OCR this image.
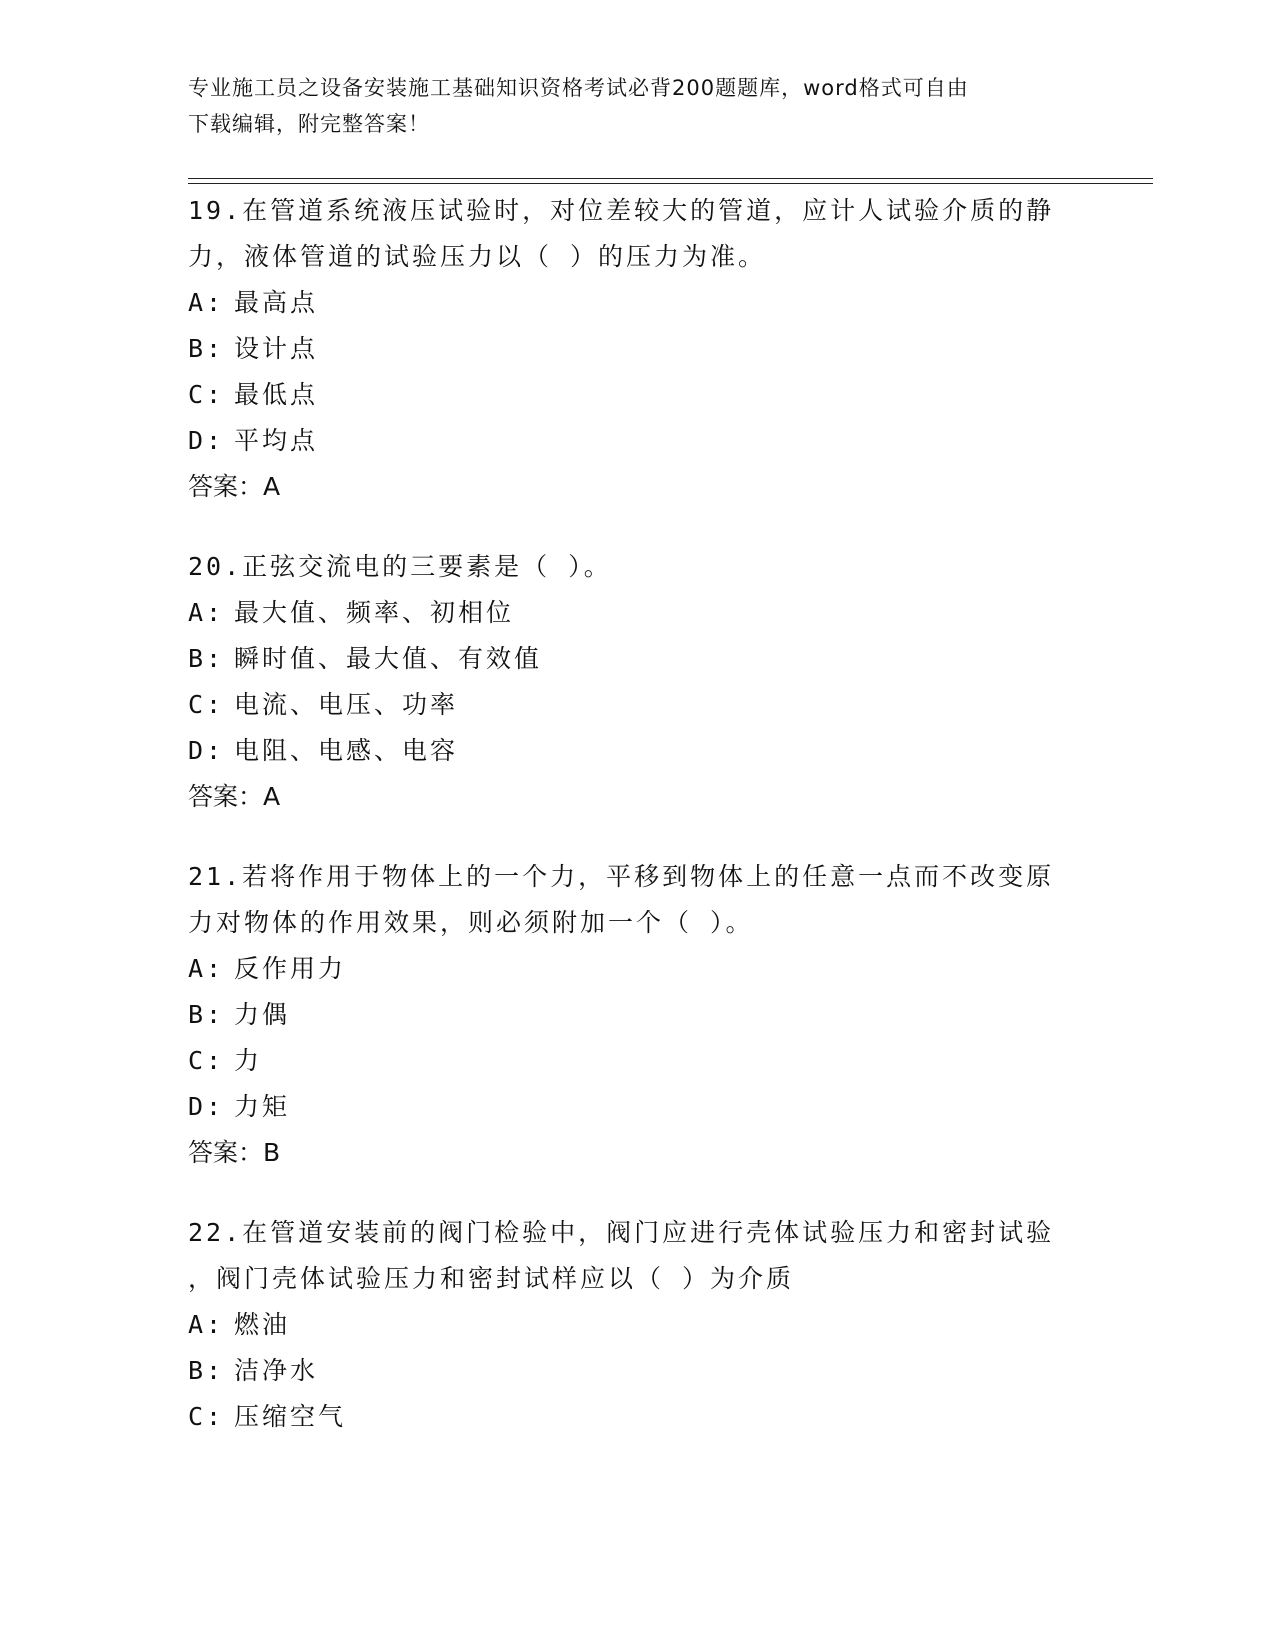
专业施工员之设备安装施工基础知识资格考试必背200题题库，word格式可自由
下载编辑，附完整答案！

19.在管道系统液压试验时，对位差较大的管道，应计人试验介质的静

力，液体管道的试验压力以（ ）的压力为准。

A: 最高点
B: 设计点
C: 最低点
D: 平均点

答案：A

20.正弦交流电的三要素是（ ）。

A: 最大值、频率、初相位
B: 瞬时值、最大值、有效值
C: 电流、电压、功率
D: 电阻、电感、电容

答案：A

21.若将作用于物体上的一个力，平移到物体上的任意一点而不改变原

力对物体的作用效果，则必须附加一个（ ）。

A: 反作用力
B: 力偶
C: 力
D: 力矩

答案：B

22.在管道安装前的阀门检验中，阀门应进行壳体试验压力和密封试验

，阀门壳体试验压力和密封试样应以（ ）为介质

A: 燃油
B: 洁净水
C: 压缩空气
